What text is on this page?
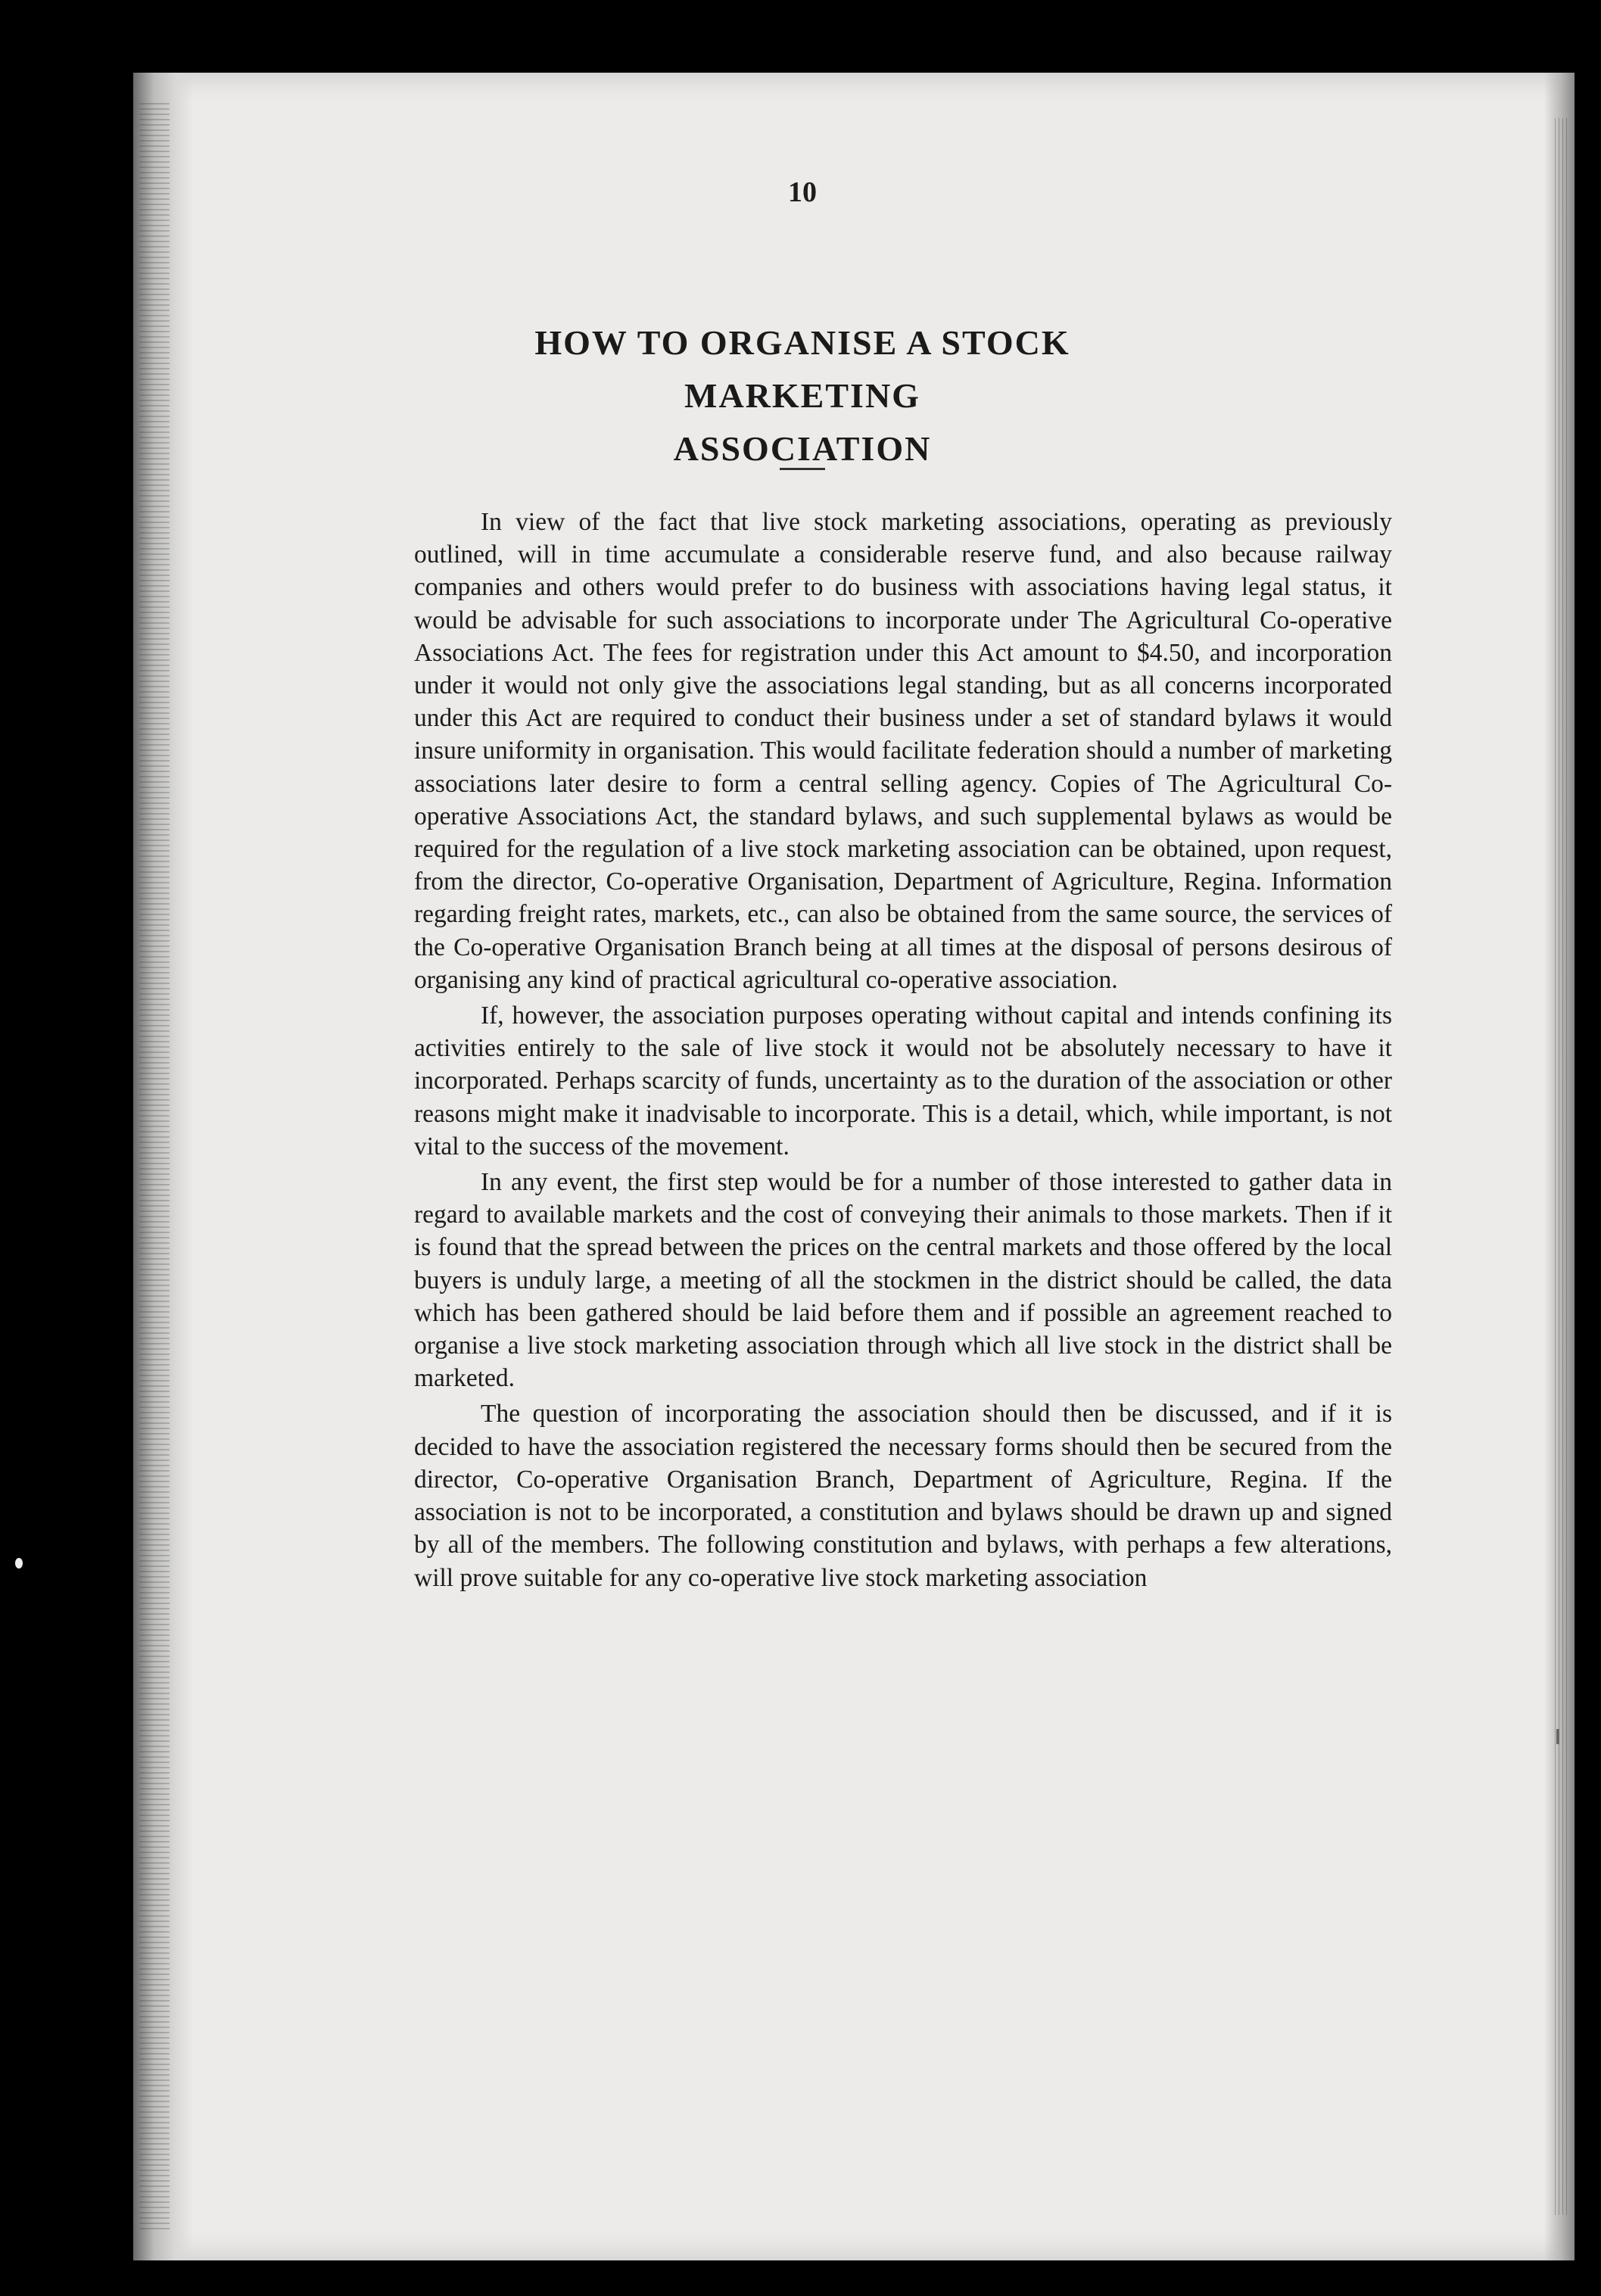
10
HOW TO ORGANISE A STOCK MARKETING
ASSOCIATION

In view of the fact that live stock marketing associations, operating as previously outlined, will in time accumulate a considerable reserve fund, and also because railway companies and others would prefer to do business with associations having legal status, it would be advisable for such associations to incorporate under The Agricultural Co-operative Associations Act. The fees for registration under this Act amount to $4.50, and incorporation under it would not only give the associations legal standing, but as all concerns incorporated under this Act are required to conduct their business under a set of standard bylaws it would insure uniformity in organisation. This would facilitate federation should a number of marketing associations later desire to form a central selling agency. Copies of The Agricultural Co-operative Associations Act, the standard bylaws, and such supplemental bylaws as would be required for the regulation of a live stock marketing association can be obtained, upon request, from the director, Co-operative Organisation, Department of Agriculture, Regina. Information regarding freight rates, markets, etc., can also be obtained from the same source, the services of the Co-operative Organisation Branch being at all times at the disposal of persons desirous of organising any kind of practical agricultural co-operative association.

If, however, the association purposes operating without capital and intends confining its activities entirely to the sale of live stock it would not be absolutely necessary to have it incorporated. Perhaps scarcity of funds, uncertainty as to the duration of the association or other reasons might make it inadvisable to incorporate. This is a detail, which, while important, is not vital to the success of the movement.

In any event, the first step would be for a number of those interested to gather data in regard to available markets and the cost of conveying their animals to those markets. Then if it is found that the spread between the prices on the central markets and those offered by the local buyers is unduly large, a meeting of all the stockmen in the district should be called, the data which has been gathered should be laid before them and if possible an agreement reached to organise a live stock marketing association through which all live stock in the district shall be marketed.

The question of incorporating the association should then be discussed, and if it is decided to have the association registered the necessary forms should then be secured from the director, Co-operative Organisation Branch, Department of Agriculture, Regina. If the association is not to be incorporated, a constitution and bylaws should be drawn up and signed by all of the members. The following constitution and bylaws, with perhaps a few alterations, will prove suitable for any co-operative live stock marketing association
